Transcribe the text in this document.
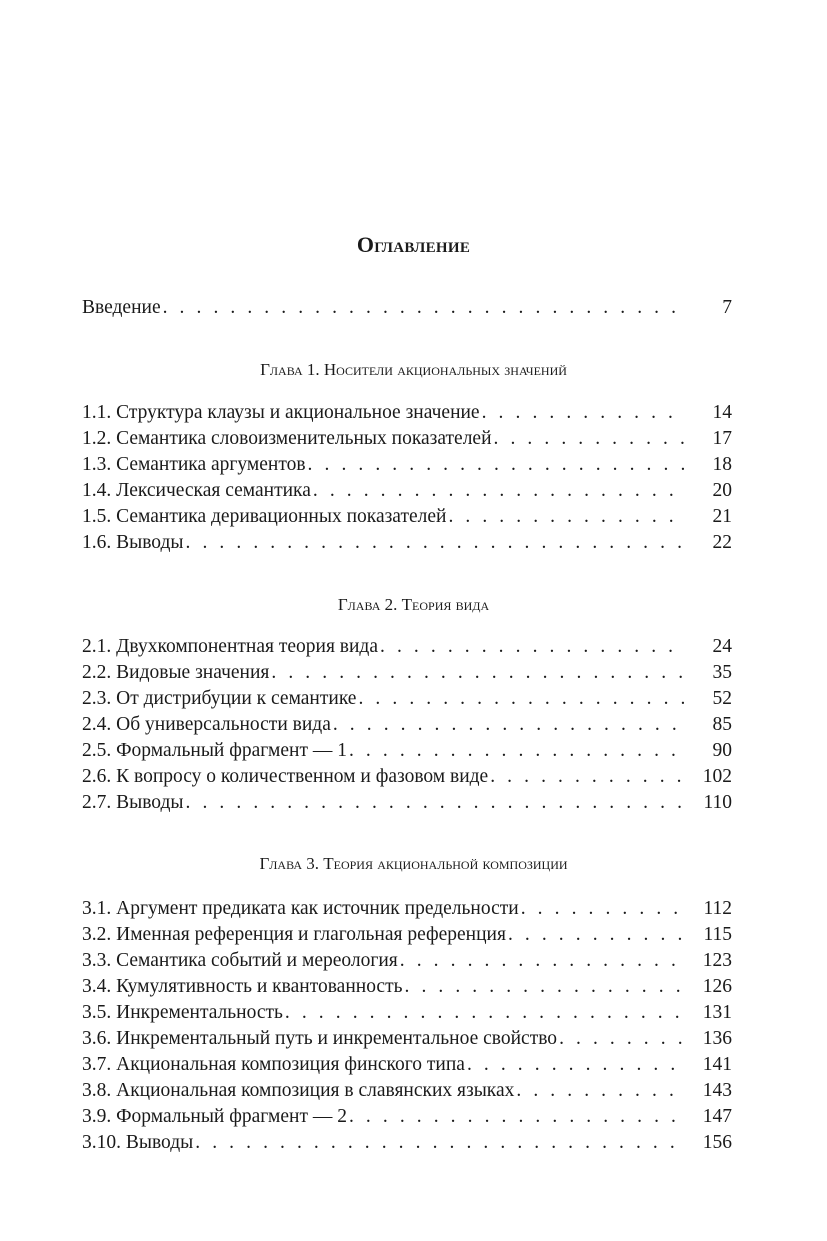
Оглавление
Введение . . .	7
Глава 1. Носители акциональных значений
1.1. Структура клаузы и акциональное значение . . .	14
1.2. Семантика словоизменительных показателей . . .	17
1.3. Семантика аргументов . . .	18
1.4. Лексическая семантика . . .	20
1.5. Семантика деривационных показателей . . .	21
1.6. Выводы . . .	22
Глава 2. Теория вида
2.1. Двухкомпонентная теория вида . . .	24
2.2. Видовые значения . . .	35
2.3. От дистрибуции к семантике . . .	52
2.4. Об универсальности вида . . .	85
2.5. Формальный фрагмент — 1 . . .	90
2.6. К вопросу о количественном и фазовом виде . . .	102
2.7. Выводы . . .	110
Глава 3. Теория акциональной композиции
3.1. Аргумент предиката как источник предельности . . .	112
3.2. Именная референция и глагольная референция . . .	115
3.3. Семантика событий и мереология . . .	123
3.4. Кумулятивность и квантованность . . .	126
3.5. Инкрементальность . . .	131
3.6. Инкрементальный путь и инкрементальное свойство . . .	136
3.7. Акциональная композиция финского типа . . .	141
3.8. Акциональная композиция в славянских языках . . .	143
3.9. Формальный фрагмент — 2 . . .	147
3.10. Выводы . . .	156
